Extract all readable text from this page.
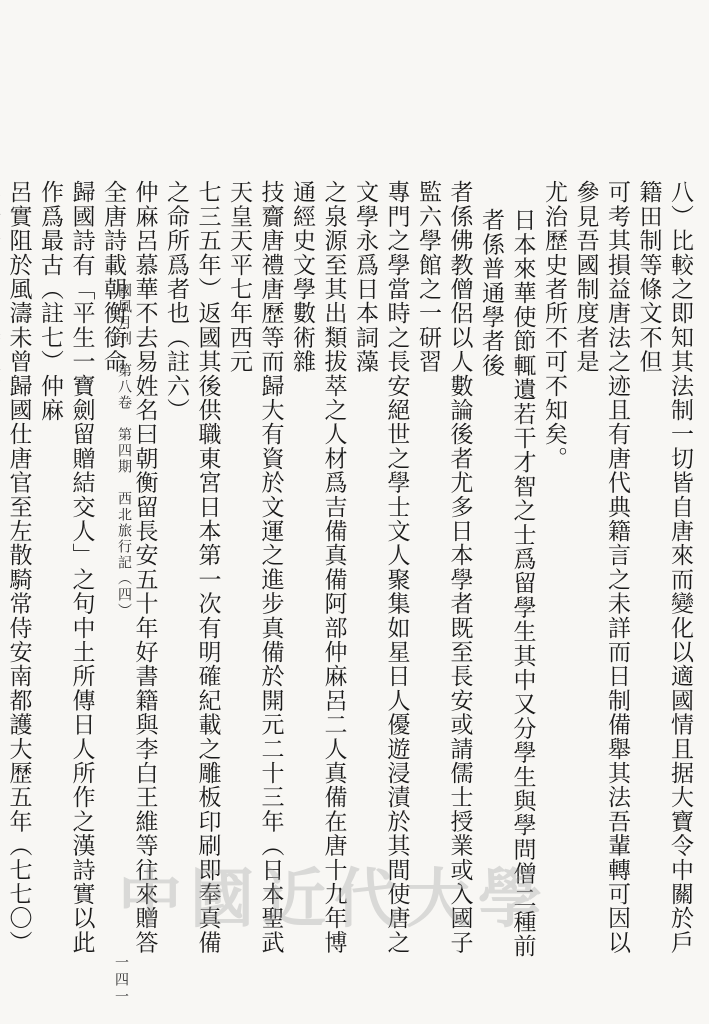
八）比較之即知其法制一切皆自唐來而變化以適國情且据大寶令中關於戶籍田制等條文不但

可考其損益唐法之迹且有唐代典籍言之未詳而日制備舉其法吾輩轉可因以參見吾國制度者是

尤治歷史者所不可不知矣。

日本來華使節輒遺若干才智之士爲留學生其中又分學生與學問僧二種前者係普通學者後

者係佛教僧侶以人數論後者尤多日本學者既至長安或請儒士授業或入國子監六學館之一研習

專門之學當時之長安絕世之學士文人聚集如星日人優遊浸漬於其間使唐之文學永爲日本詞藻

之泉源至其出類拔萃之人材爲吉備真備阿部仲麻呂二人真備在唐十九年博通經史文學數術雜

技齎唐禮唐歷等而歸大有資於文運之進步真備於開元二十三年（日本聖武天皇天平七年西元

七三五年）返國其後供職東宮日本第一次有明確紀載之雕板印刷即奉真備之命所爲者也（註六）

仲麻呂慕華不去易姓名曰朝衡留長安五十年好書籍與李白王維等往來贈答全唐詩載朝衡銜命

歸國詩有「平生一寶劍留贈結交人」之句中土所傳日人所作之漢詩實以此作爲最古（註七）仲麻

呂實阻於風濤未曾歸國仕唐官至左散騎常侍安南都護大歷五年（七七〇）

國風月刊　第八卷　第四期　西北旅行記（四）
一四一
中國近代大學
